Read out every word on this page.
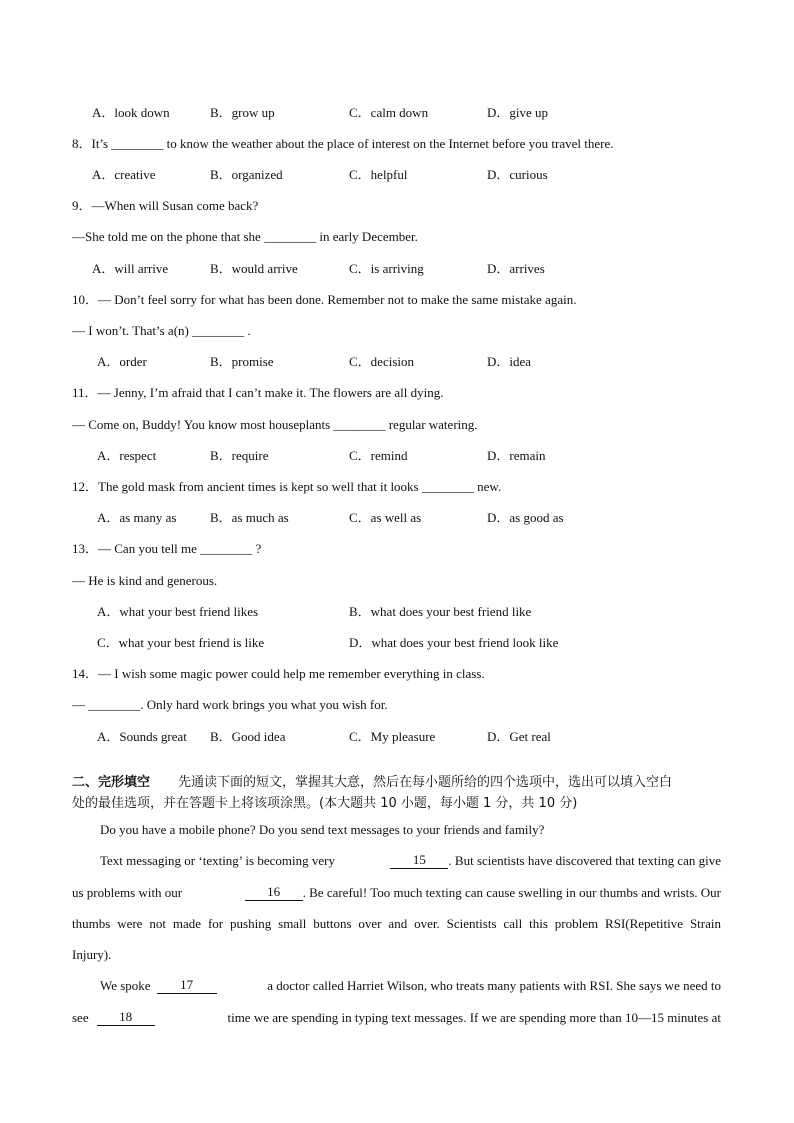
A．look down	B．grow up	C．calm down	D．give up
8．It’s ________ to know the weather about the place of interest on the Internet before you travel there.
A．creative	B．organized	C．helpful	D．curious
9．—When will Susan come back?
—She told me on the phone that she ________ in early December.
A．will arrive	B．would arrive	C．is arriving	D．arrives
10．— Don’t feel sorry for what has been done. Remember not to make the same mistake again.
— I won’t. That’s a(n) ________ .
A．order	B．promise	C．decision	D．idea
11．— Jenny, I’m afraid that I can’t make it. The flowers are all dying.
— Come on, Buddy! You know most houseplants ________ regular watering.
A．respect	B．require	C．remind	D．remain
12．The gold mask from ancient times is kept so well that it looks ________ new.
A．as many as	B．as much as	C．as well as	D．as good as
13．— Can you tell me ________ ?
— He is kind and generous.
A．what your best friend likes	B．what does your best friend like
C．what your best friend is like	D．what does your best friend look like
14．— I wish some magic power could help me remember everything in class.
— ________. Only hard work brings you what you wish for.
A．Sounds great B．Good idea	C．My pleasure	D．Get real
二、完形填空 先通读下面的短文，掌握其大意，然后在每小题所给的四个选项中，选出可以填入空白
处的最佳选项，并在答题卡上将该项涂黑。(本大题共 10 小题，每小题 1 分，共 10 分)
Do you have a mobile phone? Do you send text messages to your friends and family?
Text messaging or ‘texting’ is becoming very	15	. But scientists have discovered that texting can give
us problems with our	16	. Be careful! Too much texting can cause swelling in our thumbs and wrists. Our
thumbs were not made for pushing small buttons over and over. Scientists call this problem RSI(Repetitive Strain
Injury).
We spoke	17	a doctor called Harriet Wilson, who treats many patients with RSI. She says we need to
see	18	time we are spending in typing text messages. If we are spending more than 10—15 minutes at
